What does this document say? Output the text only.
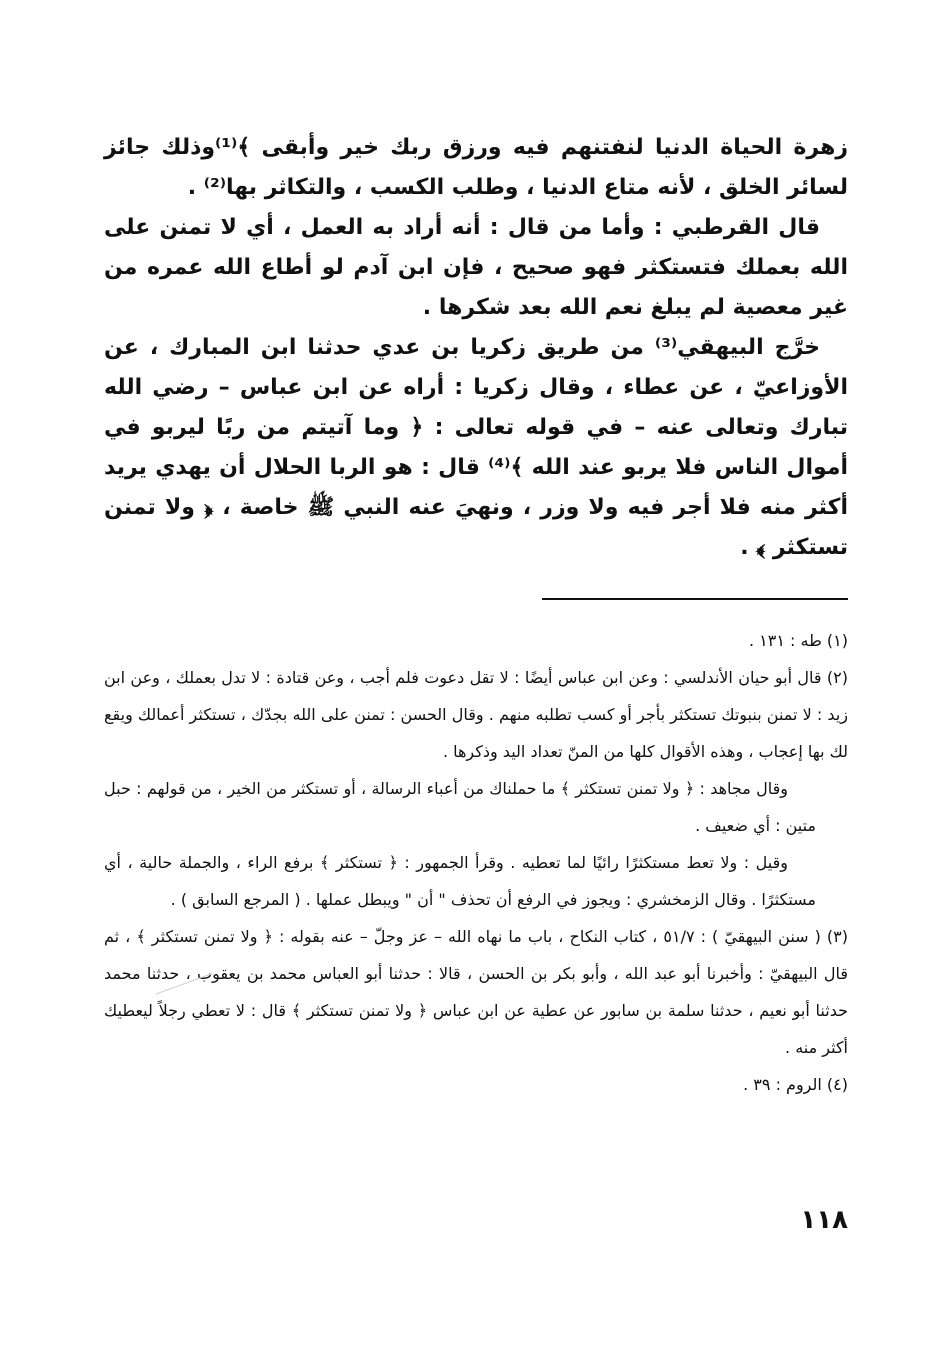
زهرة الحياة الدنيا لنفتنهم فيه ورزق ربك خير وأبقى ﴾⁽¹⁾وذلك جائز لسائر الخلق ، لأنه متاع الدنيا ، وطلب الكسب ، والتكاثر بها⁽²⁾ .

قال القرطبي : وأما من قال : أنه أراد به العمل ، أي لا تمنن على الله بعملك فتستكثر فهو صحيح ، فإن ابن آدم لو أطاع الله عمره من غير معصية لم يبلغ نعم الله بعد شكرها .

خرَّج البيهقي⁽³⁾ من طريق زكريا بن عدي حدثنا ابن المبارك ، عن الأوزاعيّ ، عن عطاء ، وقال زكريا : أراه عن ابن عباس – رضي الله تبارك وتعالى عنه – في قوله تعالى : ﴿ وما آتيتم من ربًا ليربو في أموال الناس فلا يربو عند الله ﴾⁽⁴⁾ قال : هو الربا الحلال أن يهدي يريد أكثر منه فلا أجر فيه ولا وزر ، ونهيَ عنه النبي ﷺ خاصة ، ﴿ ولا تمنن تستكثر ﴾ .

(١) طه : ١٣١ .

(٢) قال أبو حيان الأندلسي : وعن ابن عباس أيضًا : لا تقل دعوت فلم أجب ، وعن قتادة : لا تدل بعملك ، وعن ابن زيد : لا تمنن بنبوتك تستكثر بأجر أو كسب تطلبه منهم . وقال الحسن : تمنن على الله بجدّك ، تستكثر أعمالك ويقع لك بها إعجاب ، وهذه الأقوال كلها من المنّ تعداد اليد وذكرها .

وقال مجاهد : ﴿ ولا تمنن تستكثر ﴾ ما حملناك من أعباء الرسالة ، أو تستكثر من الخير ، من قولهم : حبل متين : أي ضعيف .

وقيل : ولا تعط مستكثرًا رائيًا لما تعطيه . وقرأ الجمهور : ﴿ تستكثر ﴾ برفع الراء ، والجملة حالية ، أي مستكثرًا . وقال الزمخشري : ويجوز في الرفع أن تحذف " أن " ويبطل عملها . ( المرجع السابق ) .

(٣) ( سنن البيهقيّ ) : ٥١/٧ ، كتاب النكاح ، باب ما نهاه الله – عز وجلّ – عنه بقوله : ﴿ ولا تمنن تستكثر ﴾ ، ثم قال البيهقيّ : وأخبرنا أبو عبد الله ، وأبو بكر بن الحسن ، قالا : حدثنا أبو العباس محمد بن يعقوب ، حدثنا محمد حدثنا أبو نعيم ، حدثنا سلمة بن سابور عن عطية عن ابن عباس ﴿ ولا تمنن تستكثر ﴾ قال : لا تعطي رجلاً ليعطيك أكثر منه .

(٤) الروم : ٣٩ .

١١٨
